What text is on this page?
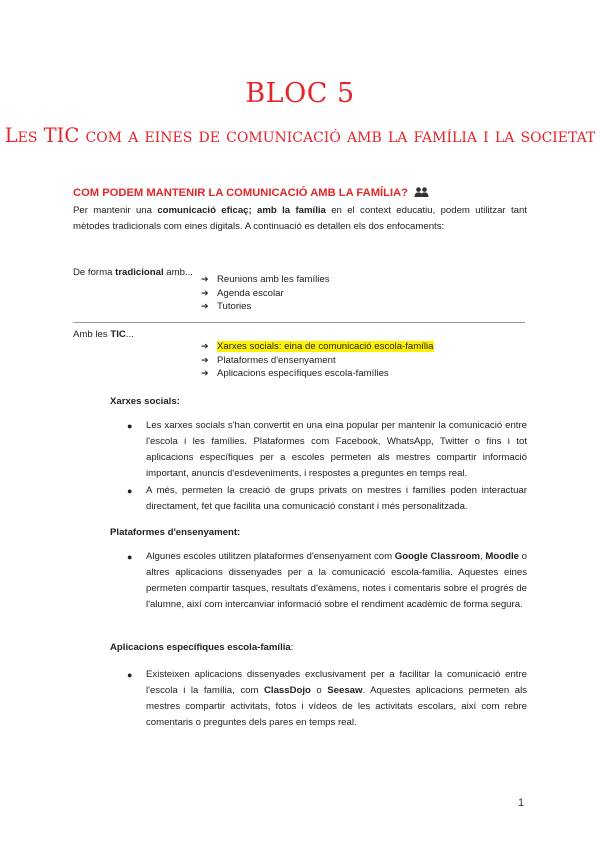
BLOC 5
Les TIC com a eines de comunicació amb la família i la societat
COM PODEM MANTENIR LA COMUNICACIÓ AMB LA FAMÍLIA?
Per mantenir una comunicació eficaç; amb la família en el context educatiu, podem utilitzar tant mètodes tradicionals com eines digitals. A continuació es detallen els dos enfocaments:
De forma tradicional amb...
➔ Reunions amb les famílies
➔ Agenda escolar
➔ Tutories
Amb les TIC...
➔ Xarxes socials: eina de comunicació escola-família
➔ Plataformes d'ensenyament
➔ Aplicacions específiques escola-famílies
Xarxes socials:
● Les xarxes socials s'han convertit en una eina popular per mantenir la comunicació entre l'escola i les famílies. Plataformes com Facebook, WhatsApp, Twitter o fins i tot aplicacions específiques per a escoles permeten als mestres compartir informació important, anuncis d'esdeveniments, i respostes a preguntes en temps real.
● A més, permeten la creació de grups privats on mestres i famílies poden interactuar directament, fet que facilita una comunicació constant i més personalitzada.
Plataformes d'ensenyament:
● Algunes escoles utilitzen plataformes d'ensenyament com Google Classroom, Moodle o altres aplicacions dissenyades per a la comunicació escola-família. Aquestes eines permeten compartir tasques, resultats d'exàmens, notes i comentaris sobre el progrés de l'alumne, així com intercanviar informació sobre el rendiment acadèmic de forma segura.
Aplicacions específiques escola-família:
● Existeixen aplicacions dissenyades exclusivament per a facilitar la comunicació entre l'escola i la família, com ClassDojo o Seesaw. Aquestes aplicacions permeten als mestres compartir activitats, fotos i vídeos de les activitats escolars, així com rebre comentaris o preguntes dels pares en temps real.
1
